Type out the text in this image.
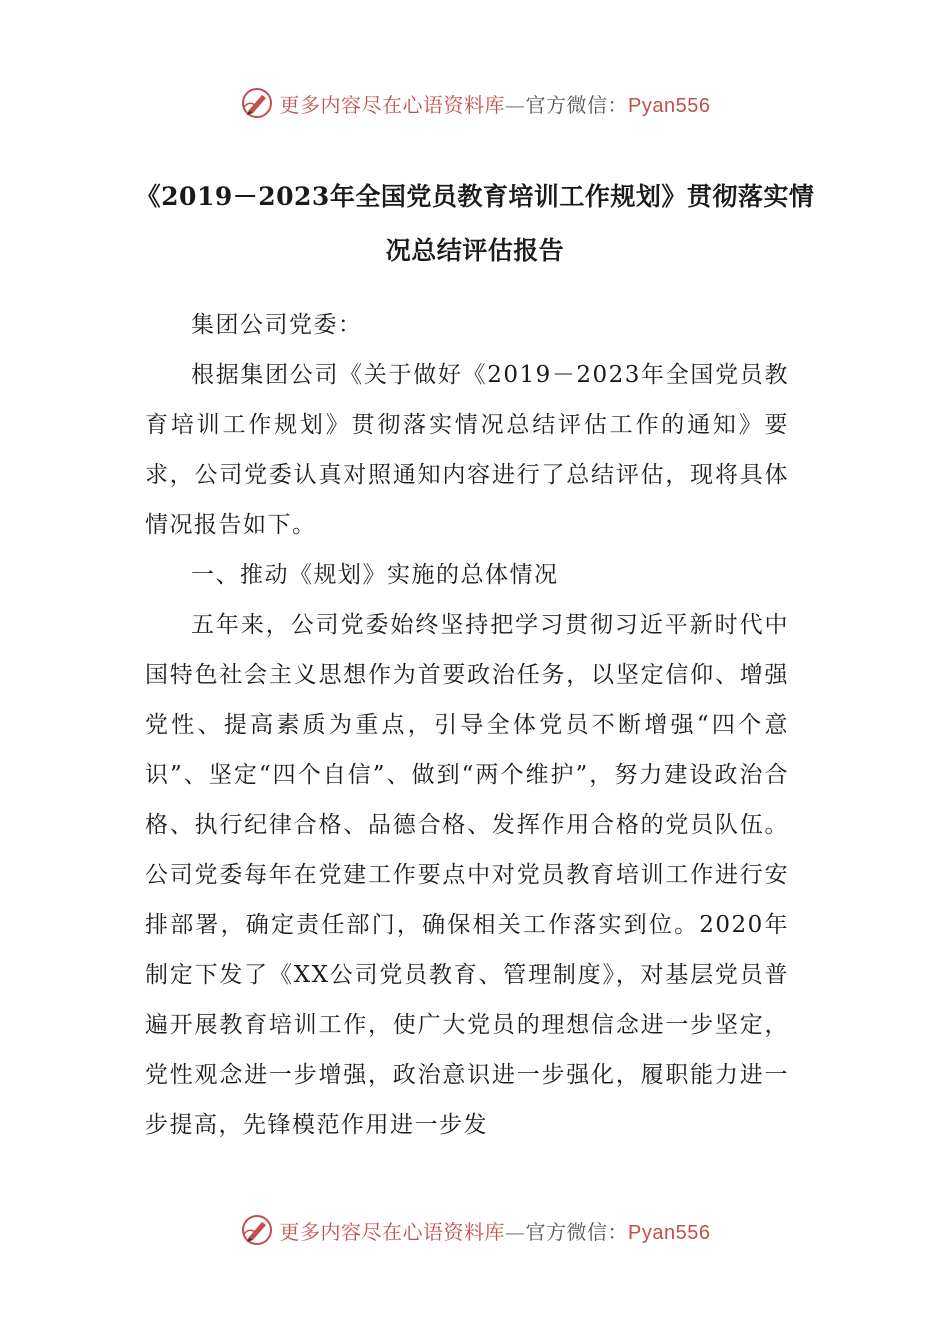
更多内容尽在心语资料库—官方微信：Pyan556
《2019－2023年全国党员教育培训工作规划》贯彻落实情
况总结评估报告

集团公司党委：

根据集团公司《关于做好《2019－2023年全国党员教育培训工作规划》贯彻落实情况总结评估工作的通知》要求，公司党委认真对照通知内容进行了总结评估，现将具体情况报告如下。

一、推动《规划》实施的总体情况

五年来，公司党委始终坚持把学习贯彻习近平新时代中国特色社会主义思想作为首要政治任务，以坚定信仰、增强党性、提高素质为重点，引导全体党员不断增强“四个意识”、坚定“四个自信”、做到“两个维护”，努力建设政治合格、执行纪律合格、品德合格、发挥作用合格的党员队伍。公司党委每年在党建工作要点中对党员教育培训工作进行安排部署，确定责任部门，确保相关工作落实到位。2020年制定下发了《XX公司党员教育、管理制度》，对基层党员普遍开展教育培训工作，使广大党员的理想信念进一步坚定，党性观念进一步增强，政治意识进一步强化，履职能力进一步提高，先锋模范作用进一步发

更多内容尽在心语资料库—官方微信：Pyan556
